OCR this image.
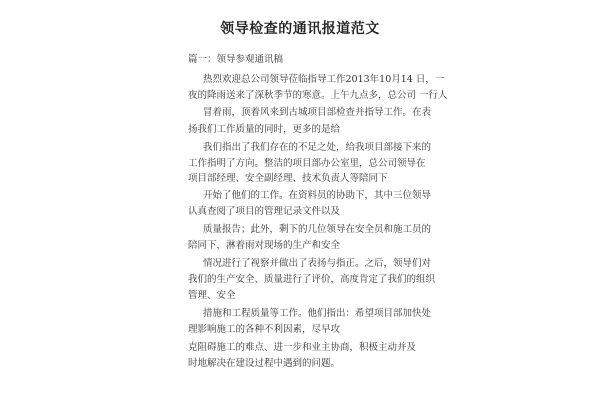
领导检查的通讯报道范文
篇一：领导参观通讯稿
热烈欢迎总公司领导莅临指导工作2013年10月14 日，一
夜的降雨送来了深秋季节的寒意。上午九点多，总公司 一行人
冒着雨，顶着风来到古城项目部检查并指导工作。在表
扬我们工作质量的同时，更多的是给
我们指出了我们存在的不足之处，给我项目部接下来的
工作指明了方向。整洁的项目部办公室里，总公司领导在
项目部经理、安全副经理、技术负责人等陪同下
开始了他们的工作。在资料员的协助下，其中三位领导
认真查阅了项目的管理记录文件以及
质量报告；此外，剩下的几位领导在安全员和施工员的
陪同下，淋着雨对现场的生产和安全
情况进行了视察并做出了表扬与指正。之后，领导们对
我们的生产安全、质量进行了评价，高度肯定了我们的组织
管理、安全
措施和工程质量等工作。他们指出：希望项目部加快处
理影响施工的各种不利因素，尽早攻
克阻碍施工的难点、进一步和业主协商，积极主动并及
时地解决在建设过程中遇到的问题。
